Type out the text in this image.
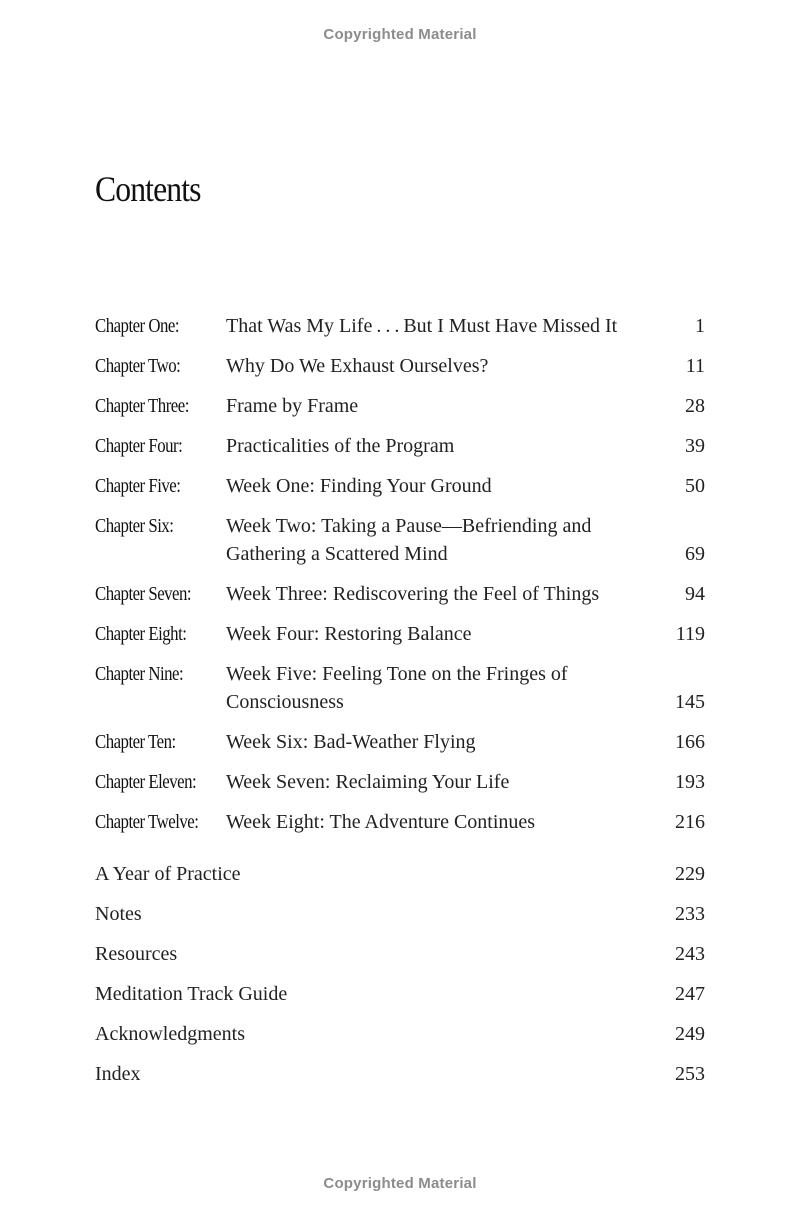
Copyrighted Material
Contents
Chapter One:	That Was My Life . . . But I Must Have Missed It	1
Chapter Two:	Why Do We Exhaust Ourselves?	11
Chapter Three:	Frame by Frame	28
Chapter Four:	Practicalities of the Program	39
Chapter Five:	Week One: Finding Your Ground	50
Chapter Six:	Week Two: Taking a Pause—Befriending and
Gathering a Scattered Mind	69
Chapter Seven:	Week Three: Rediscovering the Feel of Things	94
Chapter Eight:	Week Four: Restoring Balance	119
Chapter Nine:	Week Five: Feeling Tone on the Fringes of
Consciousness	145
Chapter Ten:	Week Six: Bad-Weather Flying	166
Chapter Eleven:	Week Seven: Reclaiming Your Life	193
Chapter Twelve:	Week Eight: The Adventure Continues	216
A Year of Practice	229
Notes	233
Resources	243
Meditation Track Guide	247
Acknowledgments	249
Index	253
Copyrighted Material
